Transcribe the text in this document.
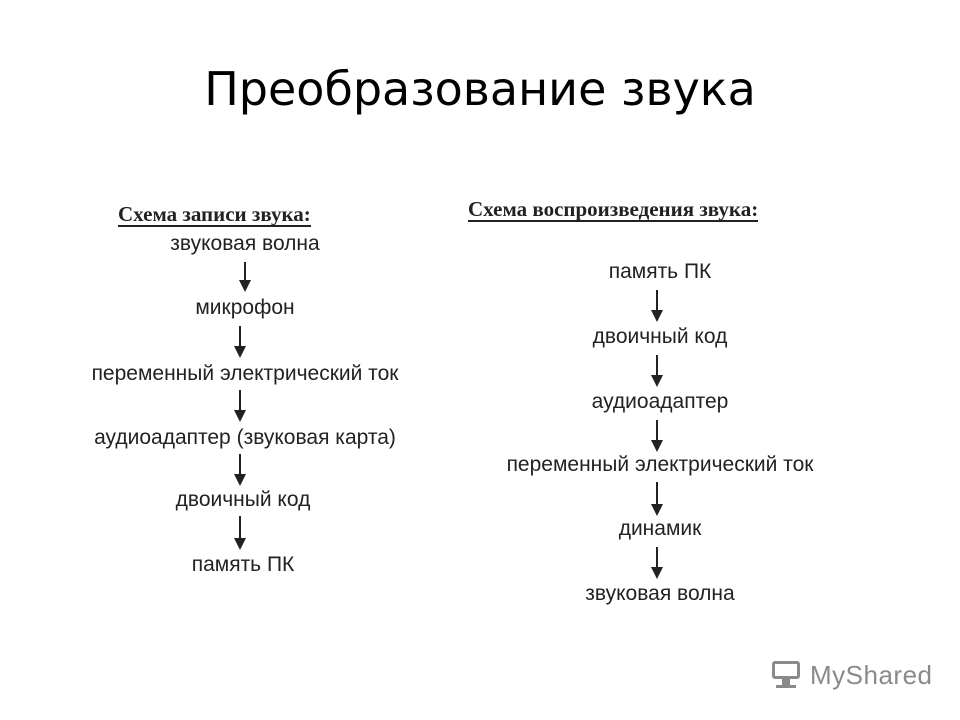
Преобразование звука
Схема записи звука:
звуковая волна
микрофон
переменный электрический ток
аудиоадаптер (звуковая карта)
двоичный код
память ПК
Схема воспроизведения звука:
память ПК
двоичный код
аудиоадаптер
переменный электрический ток
динамик
звуковая волна
MyShared
